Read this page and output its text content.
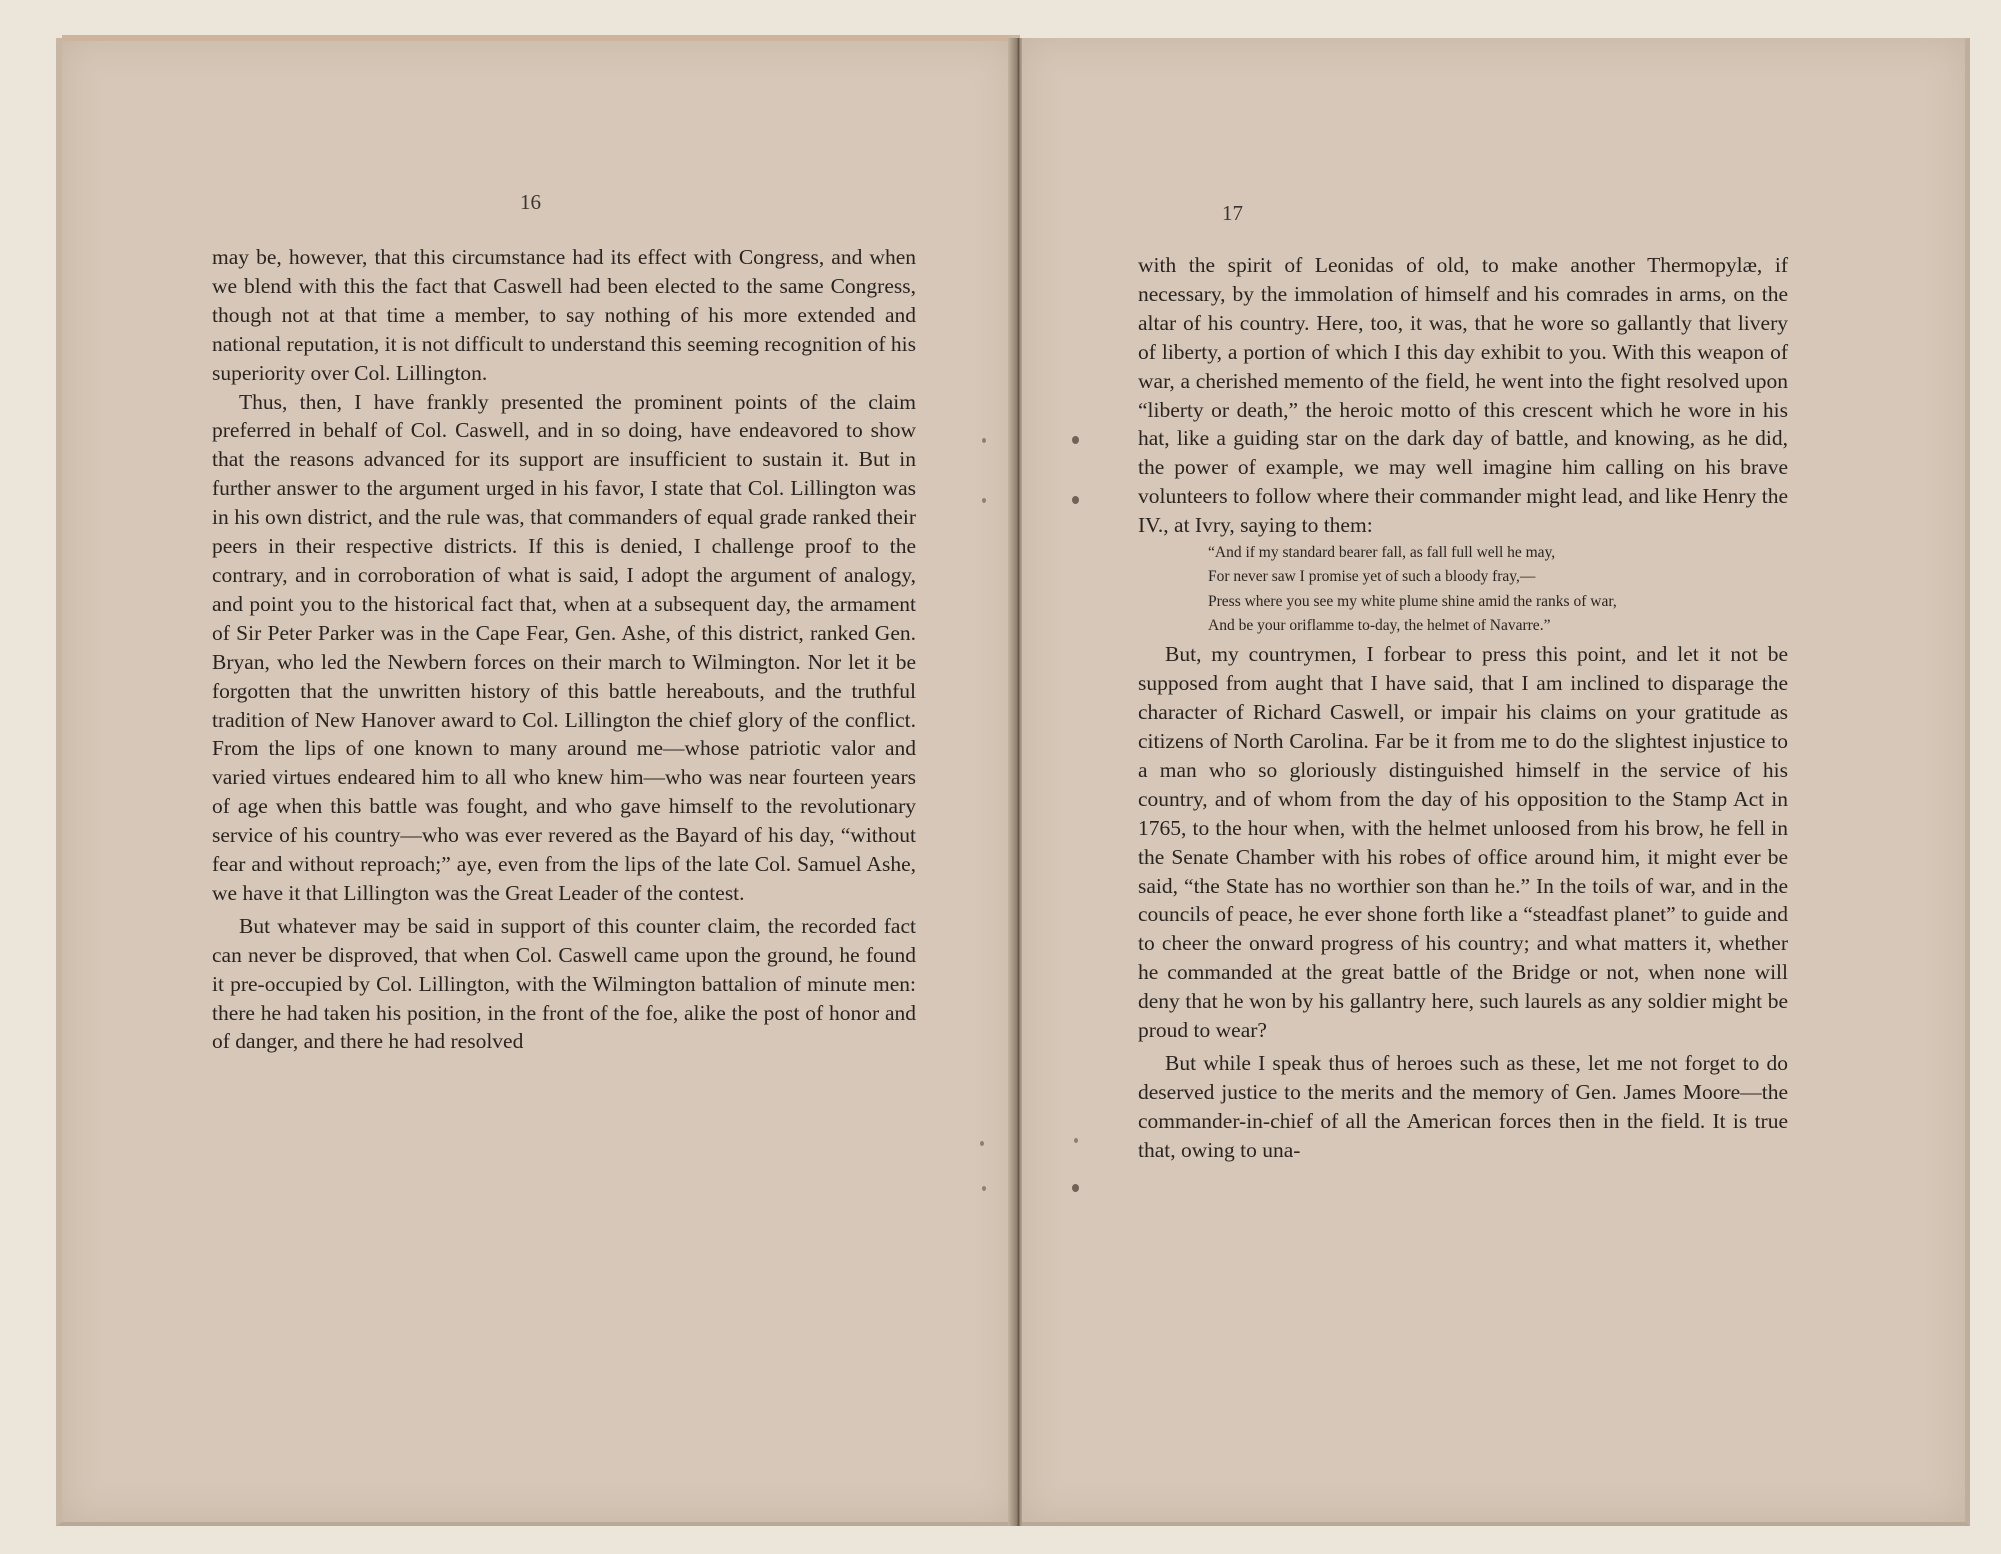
16

may be, however, that this circumstance had its effect with Congress, and when we blend with this the fact that Caswell had been elected to the same Congress, though not at that time a member, to say nothing of his more extended and national reputation, it is not difficult to understand this seeming recognition of his superiority over Col. Lillington.

Thus, then, I have frankly presented the prominent points of the claim preferred in behalf of Col. Caswell, and in so doing, have endeavored to show that the reasons advanced for its support are insufficient to sustain it. But in further answer to the argument urged in his favor, I state that Col. Lillington was in his own district, and the rule was, that commanders of equal grade ranked their peers in their respective districts. If this is denied, I challenge proof to the contrary, and in corroboration of what is said, I adopt the argument of analogy, and point you to the historical fact that, when at a subsequent day, the armament of Sir Peter Parker was in the Cape Fear, Gen. Ashe, of this district, ranked Gen. Bryan, who led the Newbern forces on their march to Wilmington. Nor let it be forgotten that the unwritten history of this battle hereabouts, and the truthful tradition of New Hanover award to Col. Lillington the chief glory of the conflict. From the lips of one known to many around me—whose patriotic valor and varied virtues endeared him to all who knew him—who was near fourteen years of age when this battle was fought, and who gave himself to the revolutionary service of his country—who was ever revered as the Bayard of his day, “without fear and without reproach;” aye, even from the lips of the late Col. Samuel Ashe, we have it that Lillington was the Great Leader of the contest.

But whatever may be said in support of this counter claim, the recorded fact can never be disproved, that when Col. Caswell came upon the ground, he found it pre-occupied by Col. Lillington, with the Wilmington battalion of minute men: there he had taken his position, in the front of the foe, alike the post of honor and of danger, and there he had resolved

17

with the spirit of Leonidas of old, to make another Thermopylæ, if necessary, by the immolation of himself and his comrades in arms, on the altar of his country. Here, too, it was, that he wore so gallantly that livery of liberty, a portion of which I this day exhibit to you. With this weapon of war, a cherished memento of the field, he went into the fight resolved upon “liberty or death,” the heroic motto of this crescent which he wore in his hat, like a guiding star on the dark day of battle, and knowing, as he did, the power of example, we may well imagine him calling on his brave volunteers to follow where their commander might lead, and like Henry the IV., at Ivry, saying to them:

“And if my standard bearer fall, as fall full well he may,
For never saw I promise yet of such a bloody fray,—
Press where you see my white plume shine amid the ranks of war,
And be your oriflamme to-day, the helmet of Navarre.”

But, my countrymen, I forbear to press this point, and let it not be supposed from aught that I have said, that I am inclined to disparage the character of Richard Caswell, or impair his claims on your gratitude as citizens of North Carolina. Far be it from me to do the slightest injustice to a man who so gloriously distinguished himself in the service of his country, and of whom from the day of his opposition to the Stamp Act in 1765, to the hour when, with the helmet unloosed from his brow, he fell in the Senate Chamber with his robes of office around him, it might ever be said, “the State has no worthier son than he.” In the toils of war, and in the councils of peace, he ever shone forth like a “steadfast planet” to guide and to cheer the onward progress of his country; and what matters it, whether he commanded at the great battle of the Bridge or not, when none will deny that he won by his gallantry here, such laurels as any soldier might be proud to wear?

But while I speak thus of heroes such as these, let me not forget to do deserved justice to the merits and the memory of Gen. James Moore—the commander-in-chief of all the American forces then in the field. It is true that, owing to una-
